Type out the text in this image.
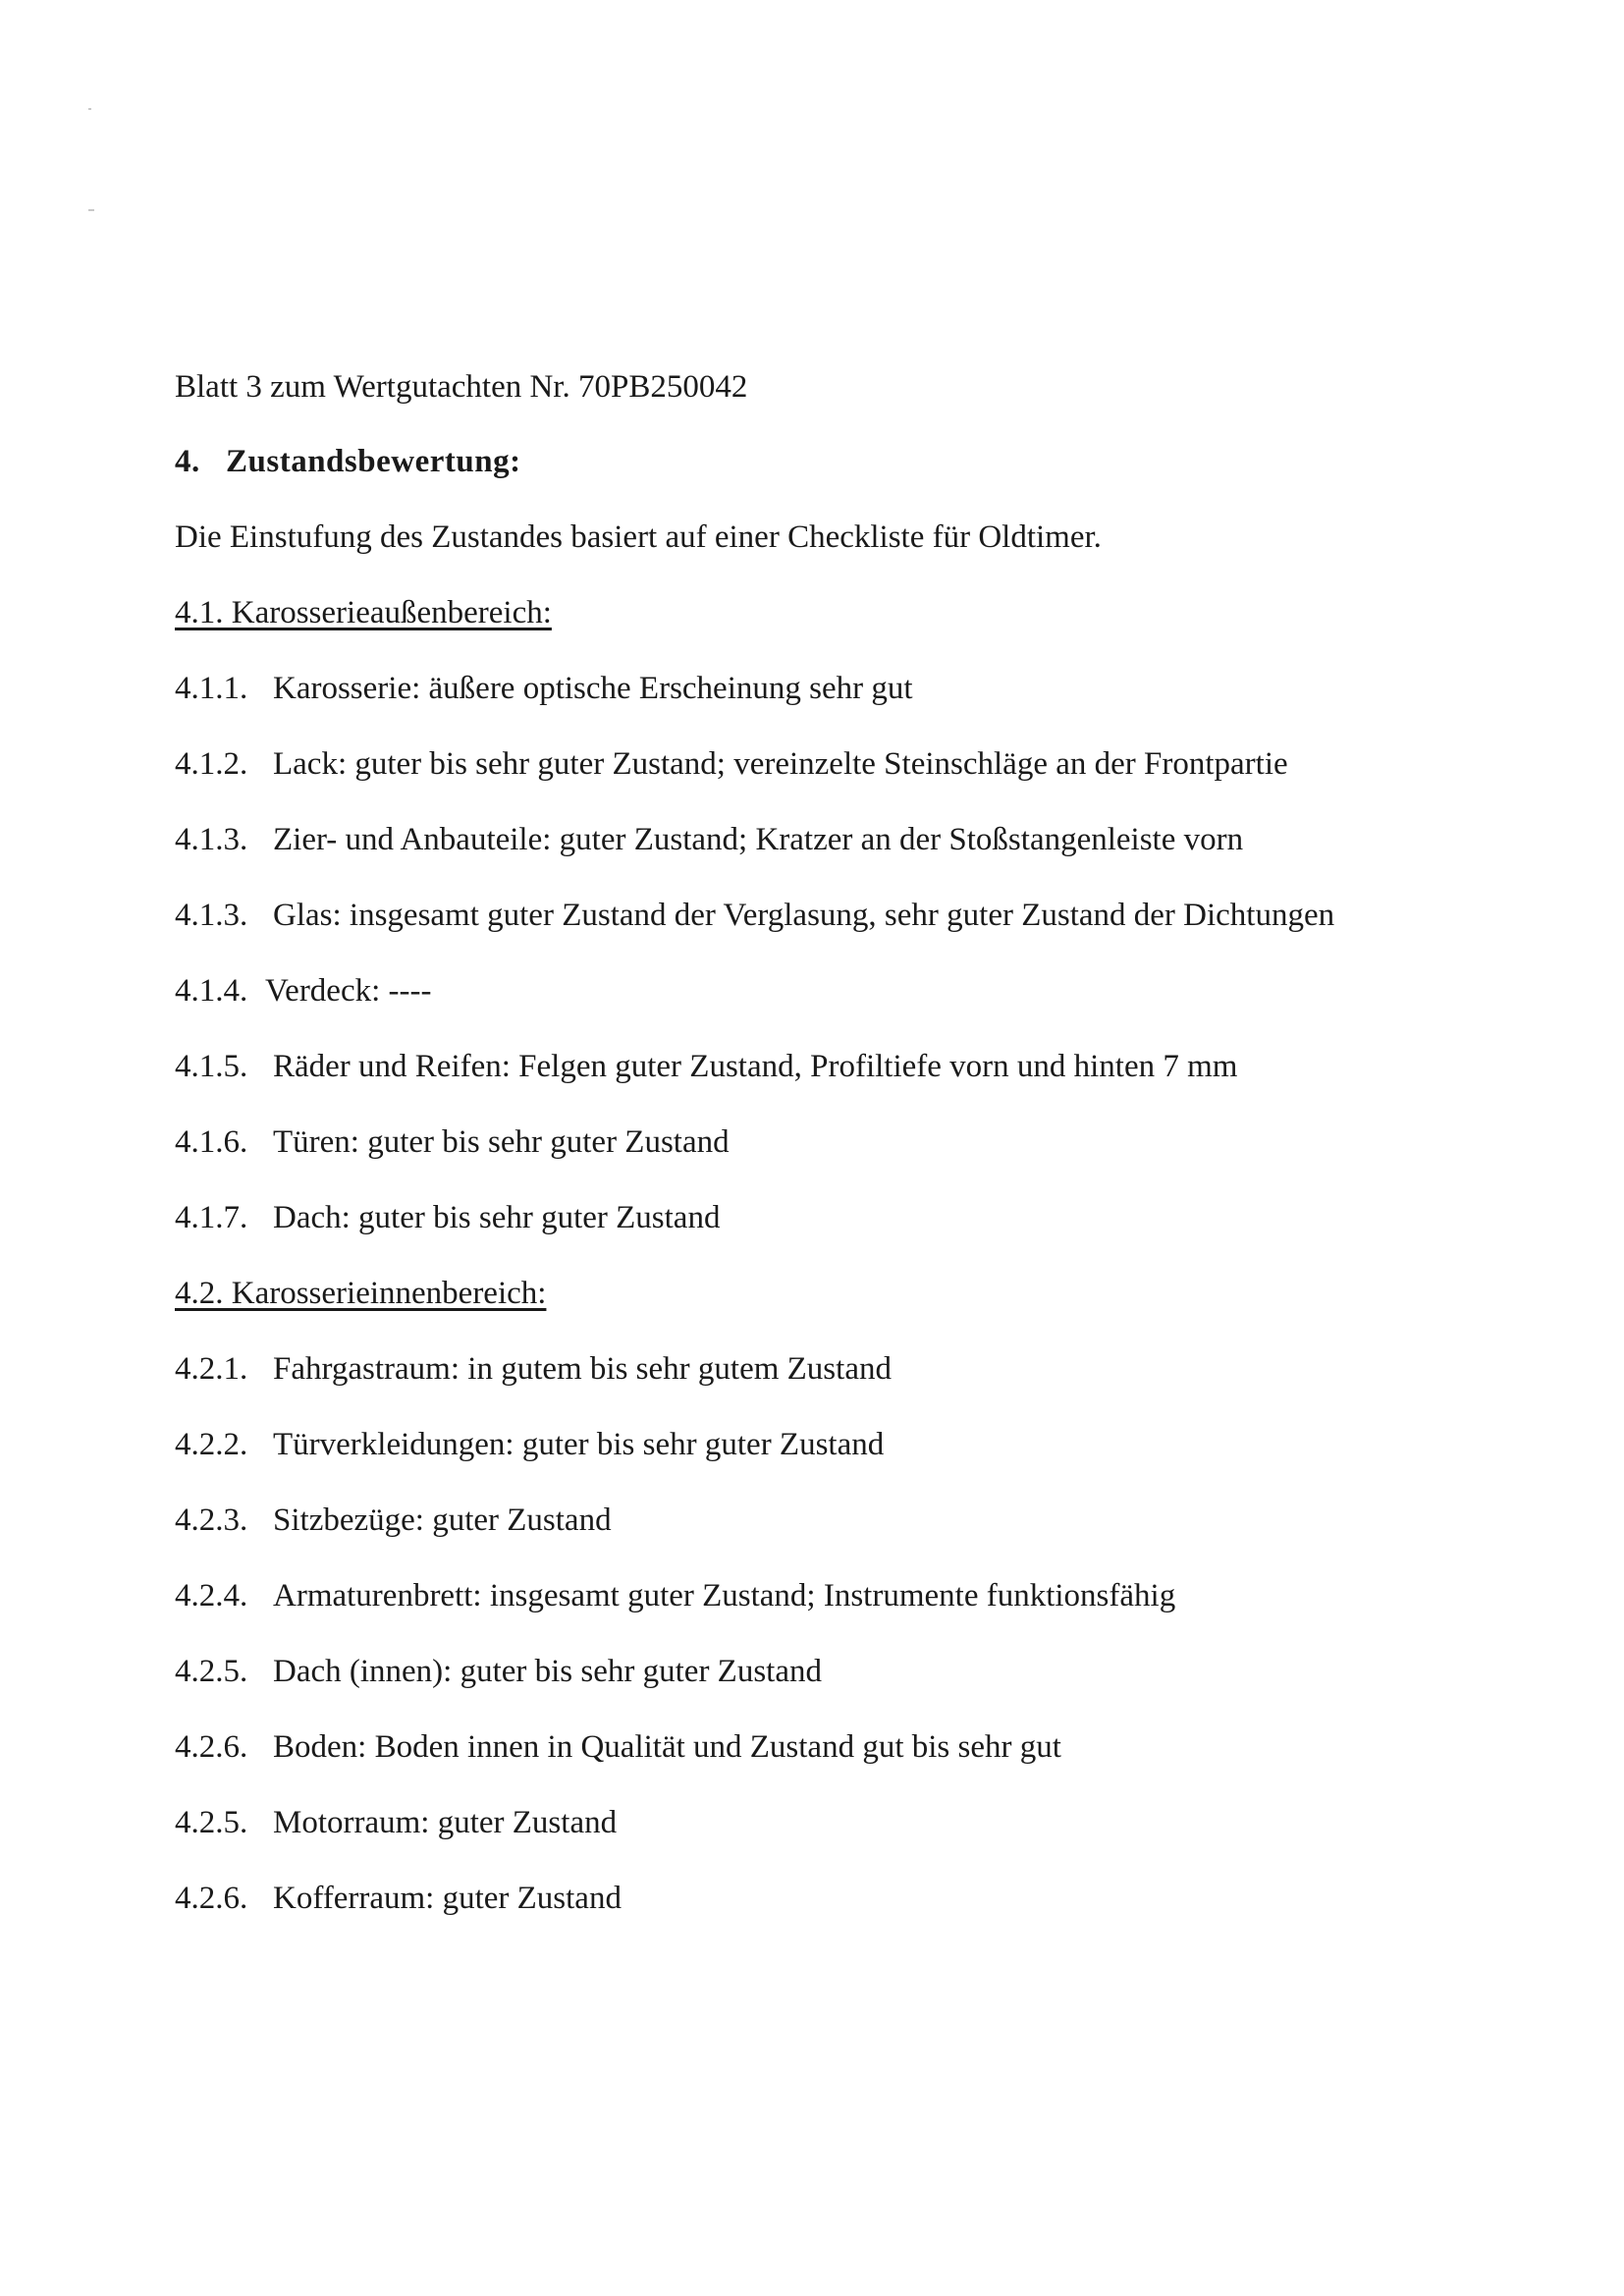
Blatt 3 zum Wertgutachten Nr. 70PB250042
4. Zustandsbewertung:
Die Einstufung des Zustandes basiert auf einer Checkliste für Oldtimer.
4.1. Karosserieaußenbereich:
4.1.1. Karosserie: äußere optische Erscheinung sehr gut
4.1.2. Lack: guter bis sehr guter Zustand; vereinzelte Steinschläge an der Frontpartie
4.1.3. Zier- und Anbauteile: guter Zustand; Kratzer an der Stoßstangenleiste vorn
4.1.3. Glas: insgesamt guter Zustand der Verglasung, sehr guter Zustand der Dichtungen
4.1.4. Verdeck: ----
4.1.5. Räder und Reifen: Felgen guter Zustand, Profiltiefe vorn und hinten 7 mm
4.1.6. Türen: guter bis sehr guter Zustand
4.1.7. Dach: guter bis sehr guter Zustand
4.2. Karosserieinnenbereich:
4.2.1. Fahrgastraum: in gutem bis sehr gutem Zustand
4.2.2. Türverkleidungen: guter bis sehr guter Zustand
4.2.3. Sitzbezüge: guter Zustand
4.2.4. Armaturenbrett: insgesamt guter Zustand; Instrumente funktionsfähig
4.2.5. Dach (innen): guter bis sehr guter Zustand
4.2.6. Boden: Boden innen in Qualität und Zustand gut bis sehr gut
4.2.5. Motorraum: guter Zustand
4.2.6. Kofferraum: guter Zustand
